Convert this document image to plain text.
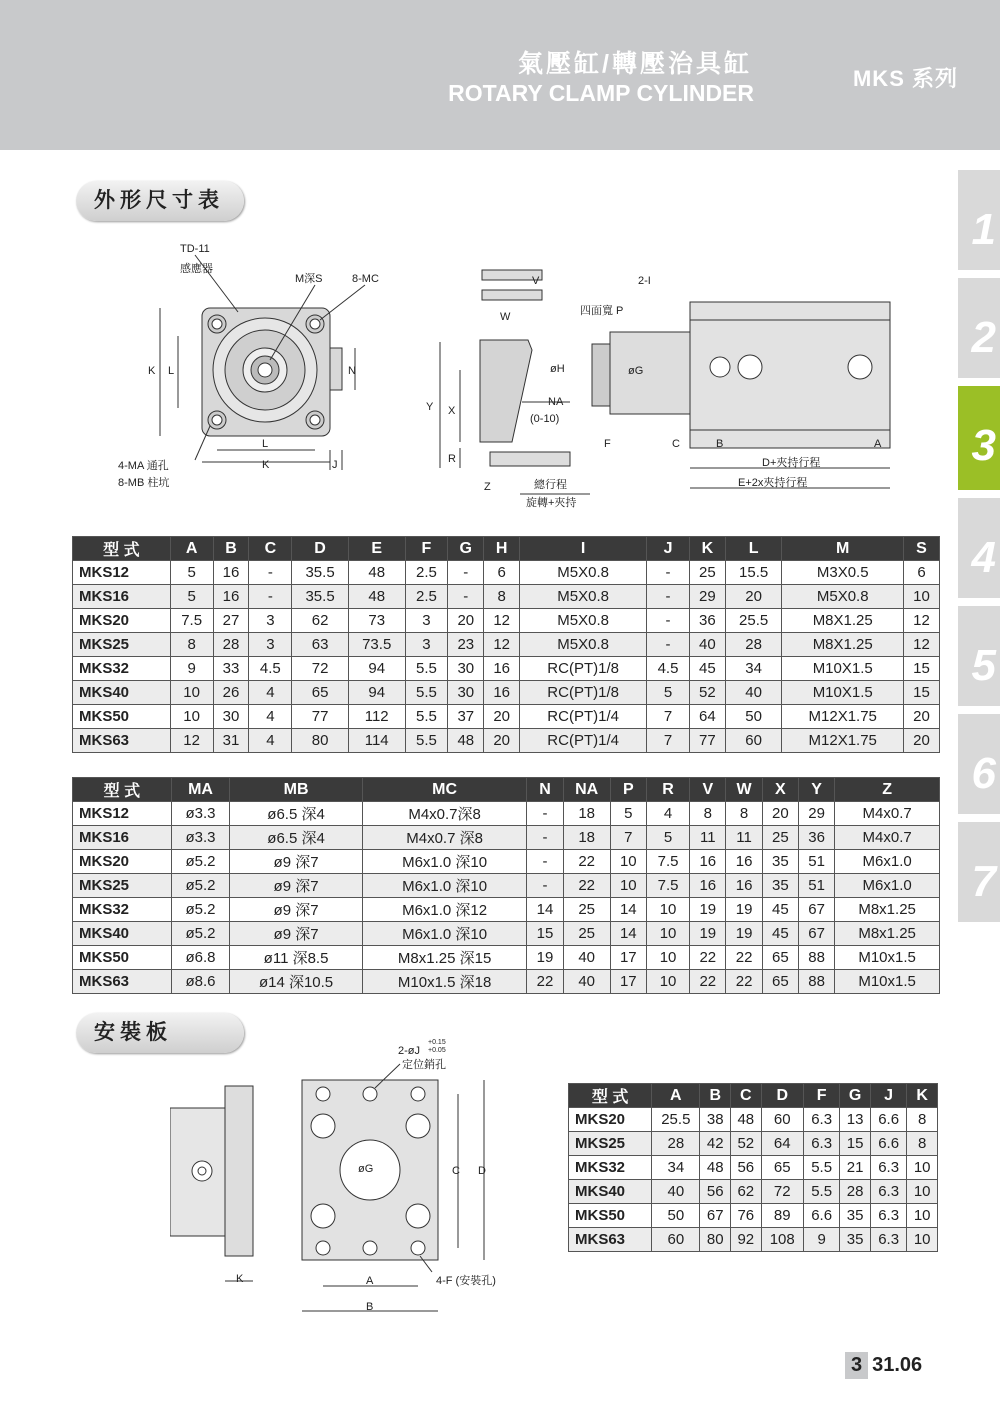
氣壓缸/轉壓治具缸
ROTARY CLAMP CYLINDER
MKS 系列
1
2
3
4
5
6
7
外形尺寸表
TD-11
感應器
M深S	8-MC
K L	N
L
K	J
4-MA 通孔
8-MB 柱坑
V
W	四面寬 P
2-I
øH	øG
Y X
NA
(0-10)
F	C	B	A
R
Z	總行程
旋轉+夾持
D+夾持行程
E+2x夾持行程
型 式	A	B	C	D	E	F	G	H	I	J	K	L	M	S
MKS12	5	16	-	35.5	48	2.5	-	6	M5X0.8	-	25	15.5	M3X0.5	6
MKS16	5	16	-	35.5	48	2.5	-	8	M5X0.8	-	29	20	M5X0.8	10
MKS20	7.5	27	3	62	73	3	20	12	M5X0.8	-	36	25.5	M8X1.25	12
MKS25	8	28	3	63	73.5	3	23	12	M5X0.8	-	40	28	M8X1.25	12
MKS32	9	33	4.5	72	94	5.5	30	16	RC(PT)1/8	4.5	45	34	M10X1.5	15
MKS40	10	26	4	65	94	5.5	30	16	RC(PT)1/8	5	52	40	M10X1.5	15
MKS50	10	30	4	77	112	5.5	37	20	RC(PT)1/4	7	64	50	M12X1.75	20
MKS63	12	31	4	80	114	5.5	48	20	RC(PT)1/4	7	77	60	M12X1.75	20
型 式	MA	MB	MC	N	NA	P	R	V	W	X	Y	Z
MKS12	ø3.3	ø6.5 深4	M4x0.7深8	-	18	5	4	8	8	20	29	M4x0.7
MKS16	ø3.3	ø6.5 深4	M4x0.7 深8	-	18	7	5	11	11	25	36	M4x0.7
MKS20	ø5.2	ø9 深7	M6x1.0 深10	-	22	10	7.5	16	16	35	51	M6x1.0
MKS25	ø5.2	ø9 深7	M6x1.0 深10	-	22	10	7.5	16	16	35	51	M6x1.0
MKS32	ø5.2	ø9 深7	M6x1.0 深12	14	25	14	10	19	19	45	67	M8x1.25
MKS40	ø5.2	ø9 深7	M6x1.0 深10	15	25	14	10	19	19	45	67	M8x1.25
MKS50	ø6.8	ø11 深8.5	M8x1.25 深15	19	40	17	10	22	22	65	88	M10x1.5
MKS63	ø8.6	ø14 深10.5	M10x1.5 深18	22	40	17	10	22	22	65	88	M10x1.5
安裝板
2-øJ
+0.15
+0.05
定位銷孔
øG	C D
K	A
B
4-F (安裝孔)
型 式	A	B	C	D	F	G	J	K
MKS20	25.5	38	48	60	6.3	13	6.6	8
MKS25	28	42	52	64	6.3	15	6.6	8
MKS32	34	48	56	65	5.5	21	6.3	10
MKS40	40	56	62	72	5.5	28	6.3	10
MKS50	50	67	76	89	6.6	35	6.3	10
MKS63	60	80	92	108	9	35	6.3	10
3 31.06
